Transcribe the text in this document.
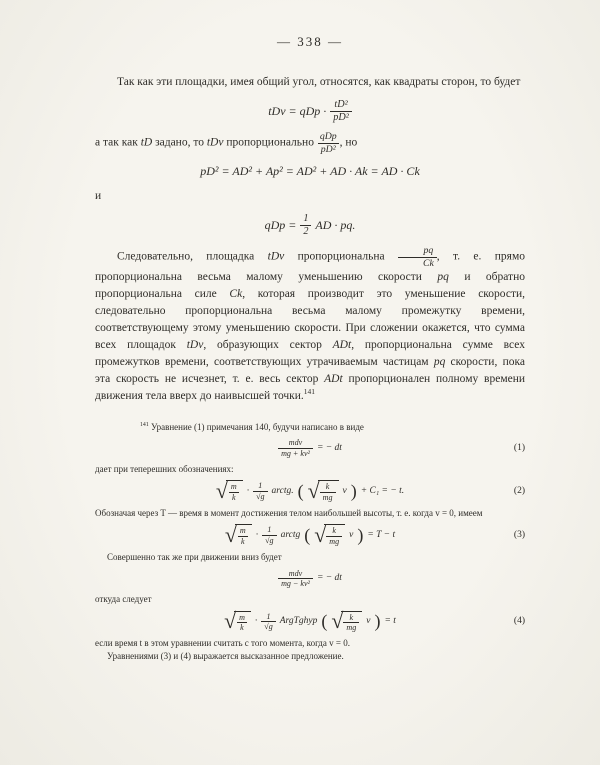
— 338 —

Так как эти площадки, имея общий угол, относятся, как квадраты сторон, то будет

tDv = qDp · $\frac{\text{tD²}}{\text{pD²}}$

а так как tD задано, то tDv пропорционально $\frac{\text{qDp}}{\text{pD²}}$ , но

pD² = AD² + Ap² = AD² + AD · Ak = AD · Ck

и

qDp = $\frac{1}{2}$ AD · pq.

Следовательно, площадка tDv пропорциональна $\frac{pq}{Ck}$ , т. е. прямо пропорциональна весьма малому уменьшению скорости pq и обратно пропорциональна силе Ck, которая производит это уменьшение скорости, следовательно пропорциональна весьма малому промежутку времени, соответствующему этому уменьшению скорости. При сложении окажется, что сумма всех площадок tDv, образующих сектор ADt, пропорциональна сумме всех промежутков времени, соответствующих утрачиваемым частицам pq скорости, пока эта скорость не исчезнет, т. е. весь сектор ADt пропорционален полному времени движения тела вверх до наивысшей точки.$^{141}$

$^{141}$ Уравнение (1) примечания 140, будучи написано в виде

$\frac{\text{mdv}}{\text{mg + kv²}}$ = − dt	(1)

дает при теперешних обозначениях:

√ $\frac{m}{k} \cdot \frac{1}{√g}$ arctg. ( √ $\frac{k}{mg}$ v ) + C₁ = − t.	(2)

Обозначая через T — время в момент достижения телом наибольшей высоты, т. е. когда v = 0, имеем

√ $\frac{m}{k} \cdot \frac{1}{√g}$ arctg ( √ $\frac{k}{mg}$ v ) = T − t	(3)

Совершенно так же при движении вниз будет

$\frac{\text{mdv}}{\text{mg − kv²}}$ = − dt

откуда следует

√ $\frac{m}{k} \cdot \frac{1}{√g}$ ArgTghyp ( √ $\frac{k}{mg}$ v ) = t	(4)

если время t в этом уравнении считать с того момента, когда v = 0.

Уравнениями (3) и (4) выражается высказанное предложение.
